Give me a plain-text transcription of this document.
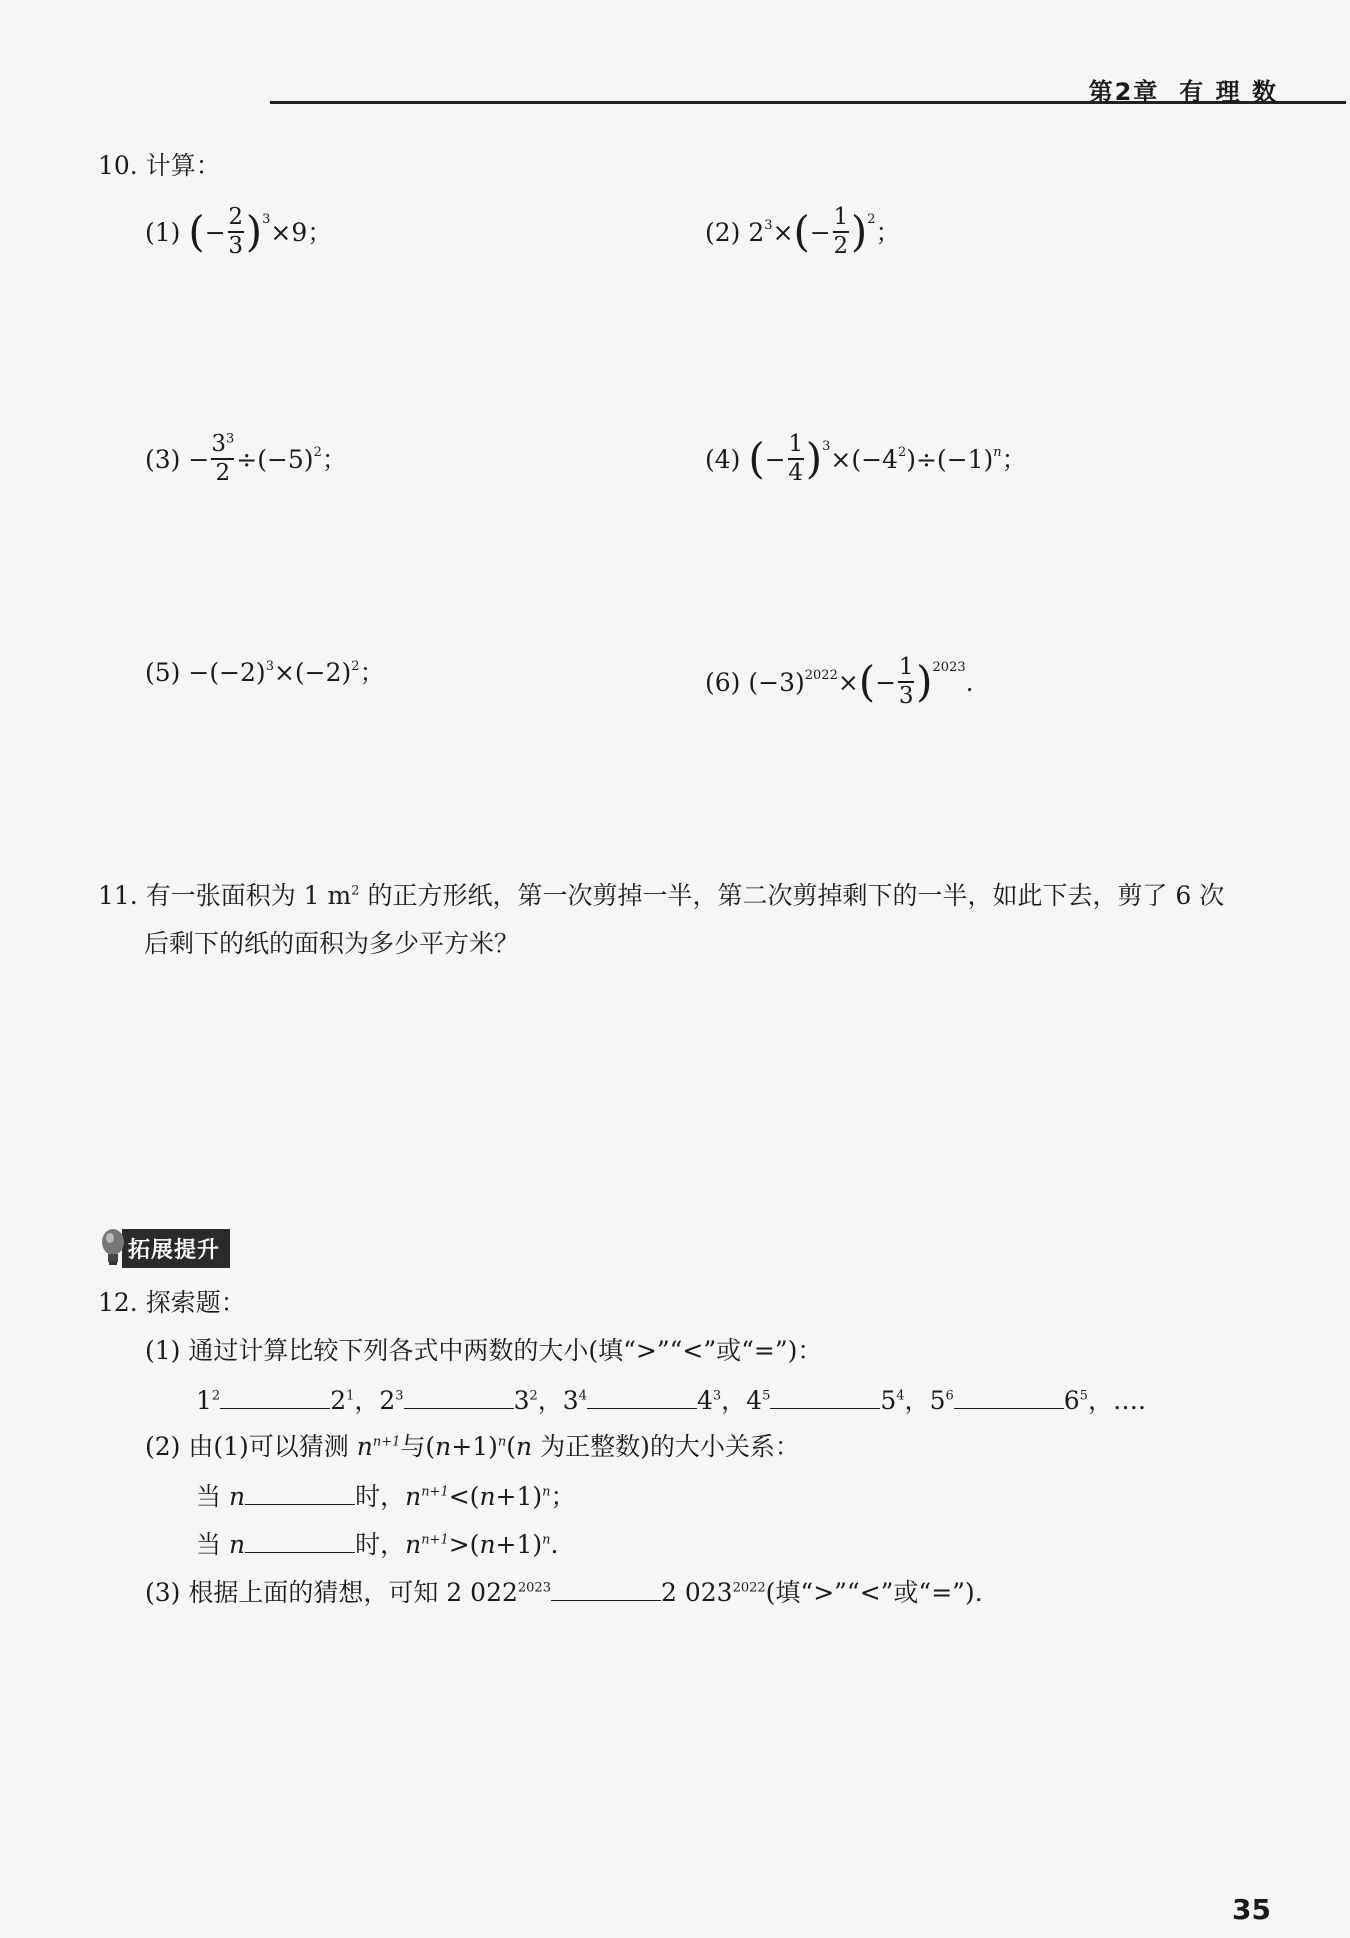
第2章 有 理 数
10. 计算：
(1)
( − $\frac{2}{3} )^3 \times 9$；	(2)
$2^3$ × ( − $\frac{1}{2} )^2$ ；
(3)
− $\frac{3^3}{2} \div(-5)^2$ ；	(4)
( − $\frac{1}{4} )^3 \times(-4^2$ )$\div(-1)^n$ ；
(5)
$-(-2)^3 \times(-2)^2$ ；	(6)
$(-3)^{2022}$ × ( − $\frac{1}{3} )^{2023}$ .
11. 有一张面积为 1 $m^2$ 的正方形纸，第一次剪掉一半，第二次剪掉剩下的一半，如此下去，剪了 6 次
后剩下的纸的面积为多少平方米？
拓展提升
12. 探索题：
(1) 通过计算比较下列各式中两数的大小(填“>”“<”或“=”)：
$1^2$	$2^1$，$2^3$	$3^2$，$3^4$	$4^3$，$4^5$	$5^4$，$5^6$	$6^5$，….
(2) 由(1)可以猜测 $n^{n+1}$与$(n+1)^n(n$ 为正整数)的大小关系：
当 n	时，$n^{n+1}<(n+1)^n$；
当 n	时，$n^{n+1}>(n+1)^n$.
(3) 根据上面的猜想，可知 2 $022^{2023}$	2 $023^{2022}$(填“>”“<”或“=”).
35
